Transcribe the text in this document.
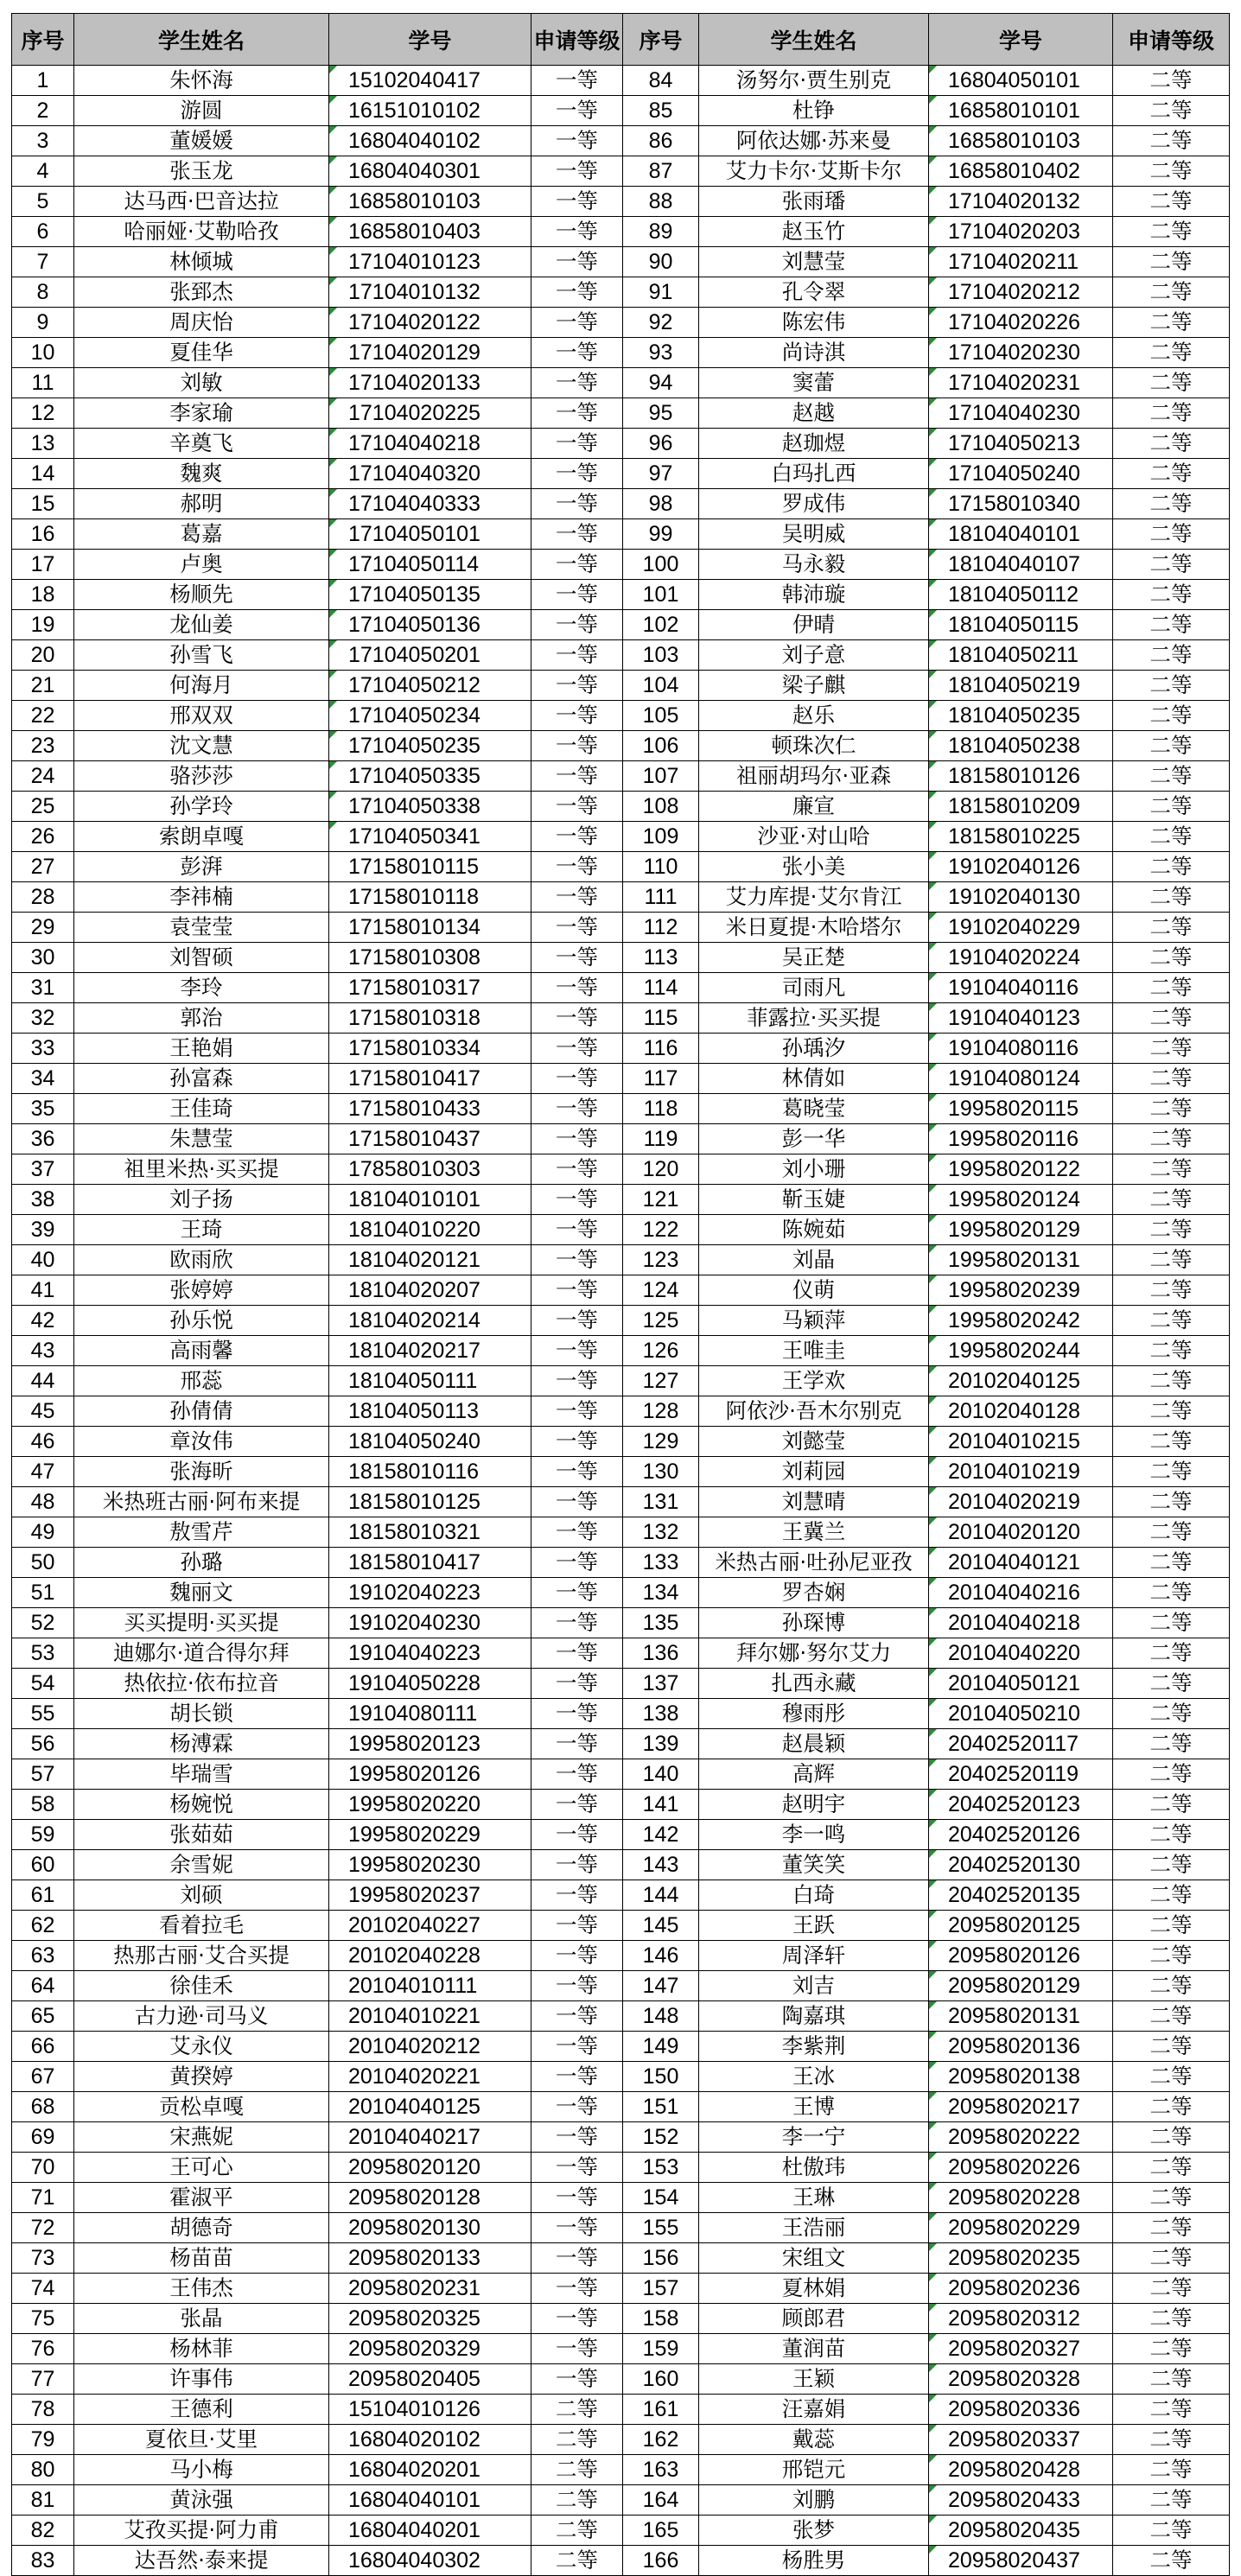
序号	学生姓名	学号	申请等级	序号	学生姓名	学号	申请等级
1	朱怀海	15102040417	一等	84	汤努尔·贾生别克	16804050101	二等
2	游圆	16151010102	一等	85	杜铮	16858010101	二等
3	董媛媛	16804040102	一等	86	阿依达娜·苏来曼	16858010103	二等
4	张玉龙	16804040301	一等	87	艾力卡尔·艾斯卡尔	16858010402	二等
5	达马西·巴音达拉	16858010103	一等	88	张雨璠	17104020132	二等
6	哈丽娅·艾勒哈孜	16858010403	一等	89	赵玉竹	17104020203	二等
7	林倾城	17104010123	一等	90	刘慧莹	17104020211	二等
8	张郅杰	17104010132	一等	91	孔令翠	17104020212	二等
9	周庆怡	17104020122	一等	92	陈宏伟	17104020226	二等
10	夏佳华	17104020129	一等	93	尚诗淇	17104020230	二等
11	刘敏	17104020133	一等	94	窦蕾	17104020231	二等
12	李家瑜	17104020225	一等	95	赵越	17104040230	二等
13	辛奠飞	17104040218	一等	96	赵珈煜	17104050213	二等
14	魏爽	17104040320	一等	97	白玛扎西	17104050240	二等
15	郝明	17104040333	一等	98	罗成伟	17158010340	二等
16	葛嘉	17104050101	一等	99	吴明威	18104040101	二等
17	卢奥	17104050114	一等	100	马永毅	18104040107	二等
18	杨顺先	17104050135	一等	101	韩沛璇	18104050112	二等
19	龙仙姜	17104050136	一等	102	伊晴	18104050115	二等
20	孙雪飞	17104050201	一等	103	刘子意	18104050211	二等
21	何海月	17104050212	一等	104	梁子麒	18104050219	二等
22	邢双双	17104050234	一等	105	赵乐	18104050235	二等
23	沈文慧	17104050235	一等	106	顿珠次仁	18104050238	二等
24	骆莎莎	17104050335	一等	107	祖丽胡玛尔·亚森	18158010126	二等
25	孙学玲	17104050338	一等	108	廉宣	18158010209	二等
26	索朗卓嘎	17104050341	一等	109	沙亚·对山哈	18158010225	二等
27	彭湃	17158010115	一等	110	张小美	19102040126	二等
28	李祎楠	17158010118	一等	111	艾力库提·艾尔肯江	19102040130	二等
29	袁莹莹	17158010134	一等	112	米日夏提·木哈塔尔	19102040229	二等
30	刘智硕	17158010308	一等	113	吴正楚	19104020224	二等
31	李玲	17158010317	一等	114	司雨凡	19104040116	二等
32	郭治	17158010318	一等	115	菲露拉·买买提	19104040123	二等
33	王艳娟	17158010334	一等	116	孙瑀汐	19104080116	二等
34	孙富森	17158010417	一等	117	林倩如	19104080124	二等
35	王佳琦	17158010433	一等	118	葛晓莹	19958020115	二等
36	朱慧莹	17158010437	一等	119	彭一华	19958020116	二等
37	祖里米热·买买提	17858010303	一等	120	刘小珊	19958020122	二等
38	刘子扬	18104010101	一等	121	靳玉婕	19958020124	二等
39	王琦	18104010220	一等	122	陈婉茹	19958020129	二等
40	欧雨欣	18104020121	一等	123	刘晶	19958020131	二等
41	张婷婷	18104020207	一等	124	仪萌	19958020239	二等
42	孙乐悦	18104020214	一等	125	马颖萍	19958020242	二等
43	高雨馨	18104020217	一等	126	王唯圭	19958020244	二等
44	邢蕊	18104050111	一等	127	王学欢	20102040125	二等
45	孙倩倩	18104050113	一等	128	阿依沙·吾木尔别克	20102040128	二等
46	章汝伟	18104050240	一等	129	刘懿莹	20104010215	二等
47	张海昕	18158010116	一等	130	刘莉园	20104010219	二等
48	米热班古丽·阿布来提	18158010125	一等	131	刘慧晴	20104020219	二等
49	敖雪芹	18158010321	一等	132	王冀兰	20104020120	二等
50	孙璐	18158010417	一等	133	米热古丽·吐孙尼亚孜	20104040121	二等
51	魏丽文	19102040223	一等	134	罗杏娴	20104040216	二等
52	买买提明·买买提	19102040230	一等	135	孙琛博	20104040218	二等
53	迪娜尔·道合得尔拜	19104040223	一等	136	拜尔娜·努尔艾力	20104040220	二等
54	热依拉·依布拉音	19104050228	一等	137	扎西永藏	20104050121	二等
55	胡长锁	19104080111	一等	138	穆雨彤	20104050210	二等
56	杨溥霖	19958020123	一等	139	赵晨颖	20402520117	二等
57	毕瑞雪	19958020126	一等	140	高辉	20402520119	二等
58	杨婉悦	19958020220	一等	141	赵明宇	20402520123	二等
59	张茹茹	19958020229	一等	142	李一鸣	20402520126	二等
60	余雪妮	19958020230	一等	143	董笑笑	20402520130	二等
61	刘硕	19958020237	一等	144	白琦	20402520135	二等
62	看着拉毛	20102040227	一等	145	王跃	20958020125	二等
63	热那古丽·艾合买提	20102040228	一等	146	周泽轩	20958020126	二等
64	徐佳禾	20104010111	一等	147	刘吉	20958020129	二等
65	古力逊·司马义	20104010221	一等	148	陶嘉琪	20958020131	二等
66	艾永仪	20104020212	一等	149	李紫荆	20958020136	二等
67	黄揆婷	20104020221	一等	150	王冰	20958020138	二等
68	贡松卓嘎	20104040125	一等	151	王博	20958020217	二等
69	宋燕妮	20104040217	一等	152	李一宁	20958020222	二等
70	王可心	20958020120	一等	153	杜傲玮	20958020226	二等
71	霍淑平	20958020128	一等	154	王琳	20958020228	二等
72	胡德奇	20958020130	一等	155	王浩丽	20958020229	二等
73	杨苗苗	20958020133	一等	156	宋组文	20958020235	二等
74	王伟杰	20958020231	一等	157	夏林娟	20958020236	二等
75	张晶	20958020325	一等	158	顾郎君	20958020312	二等
76	杨林菲	20958020329	一等	159	董润苗	20958020327	二等
77	许事伟	20958020405	一等	160	王颖	20958020328	二等
78	王德利	15104010126	二等	161	汪嘉娟	20958020336	二等
79	夏依旦·艾里	16804020102	二等	162	戴蕊	20958020337	二等
80	马小梅	16804020201	二等	163	邢铠元	20958020428	二等
81	黄泳强	16804040101	二等	164	刘鹏	20958020433	二等
82	艾孜买提·阿力甫	16804040201	二等	165	张梦	20958020435	二等
83	达吾然·泰来提	16804040302	二等	166	杨胜男	20958020437	二等
